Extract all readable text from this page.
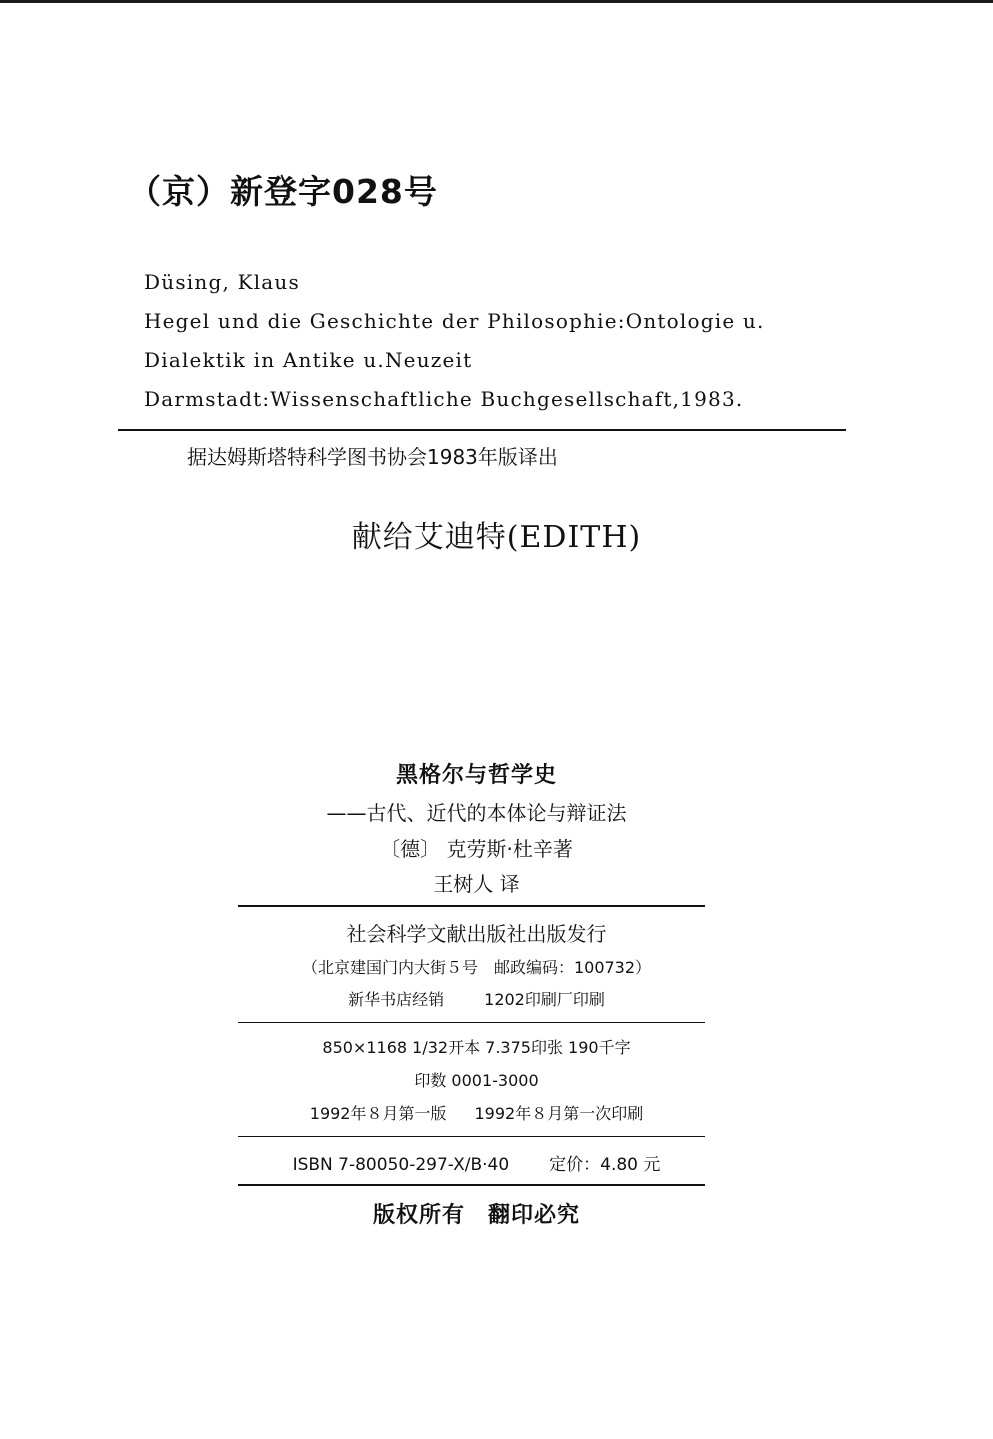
（京）新登字028号
Düsing, Klaus
Hegel und die Geschichte der Philosophie:Ontologie u.
Dialektik in Antike u.Neuzeit
Darmstadt:Wissenschaftliche Buchgesellschaft,1983.
据达姆斯塔特科学图书协会1983年版译出
献给艾迪特(EDITH)
黑格尔与哲学史
——古代、近代的本体论与辩证法
〔德〕 克劳斯·杜辛著
王树人 译
社会科学文献出版社出版发行
（北京建国门内大街５号　邮政编码：100732）
新华书店经销	1202印刷厂印刷
850×1168 1/32开本 7.375印张 190千字
印数 0001-3000
1992年８月第一版 1992年８月第一次印刷
ISBN 7-80050-297-X/B·40 定价：4.80 元
版权所有　翻印必究
